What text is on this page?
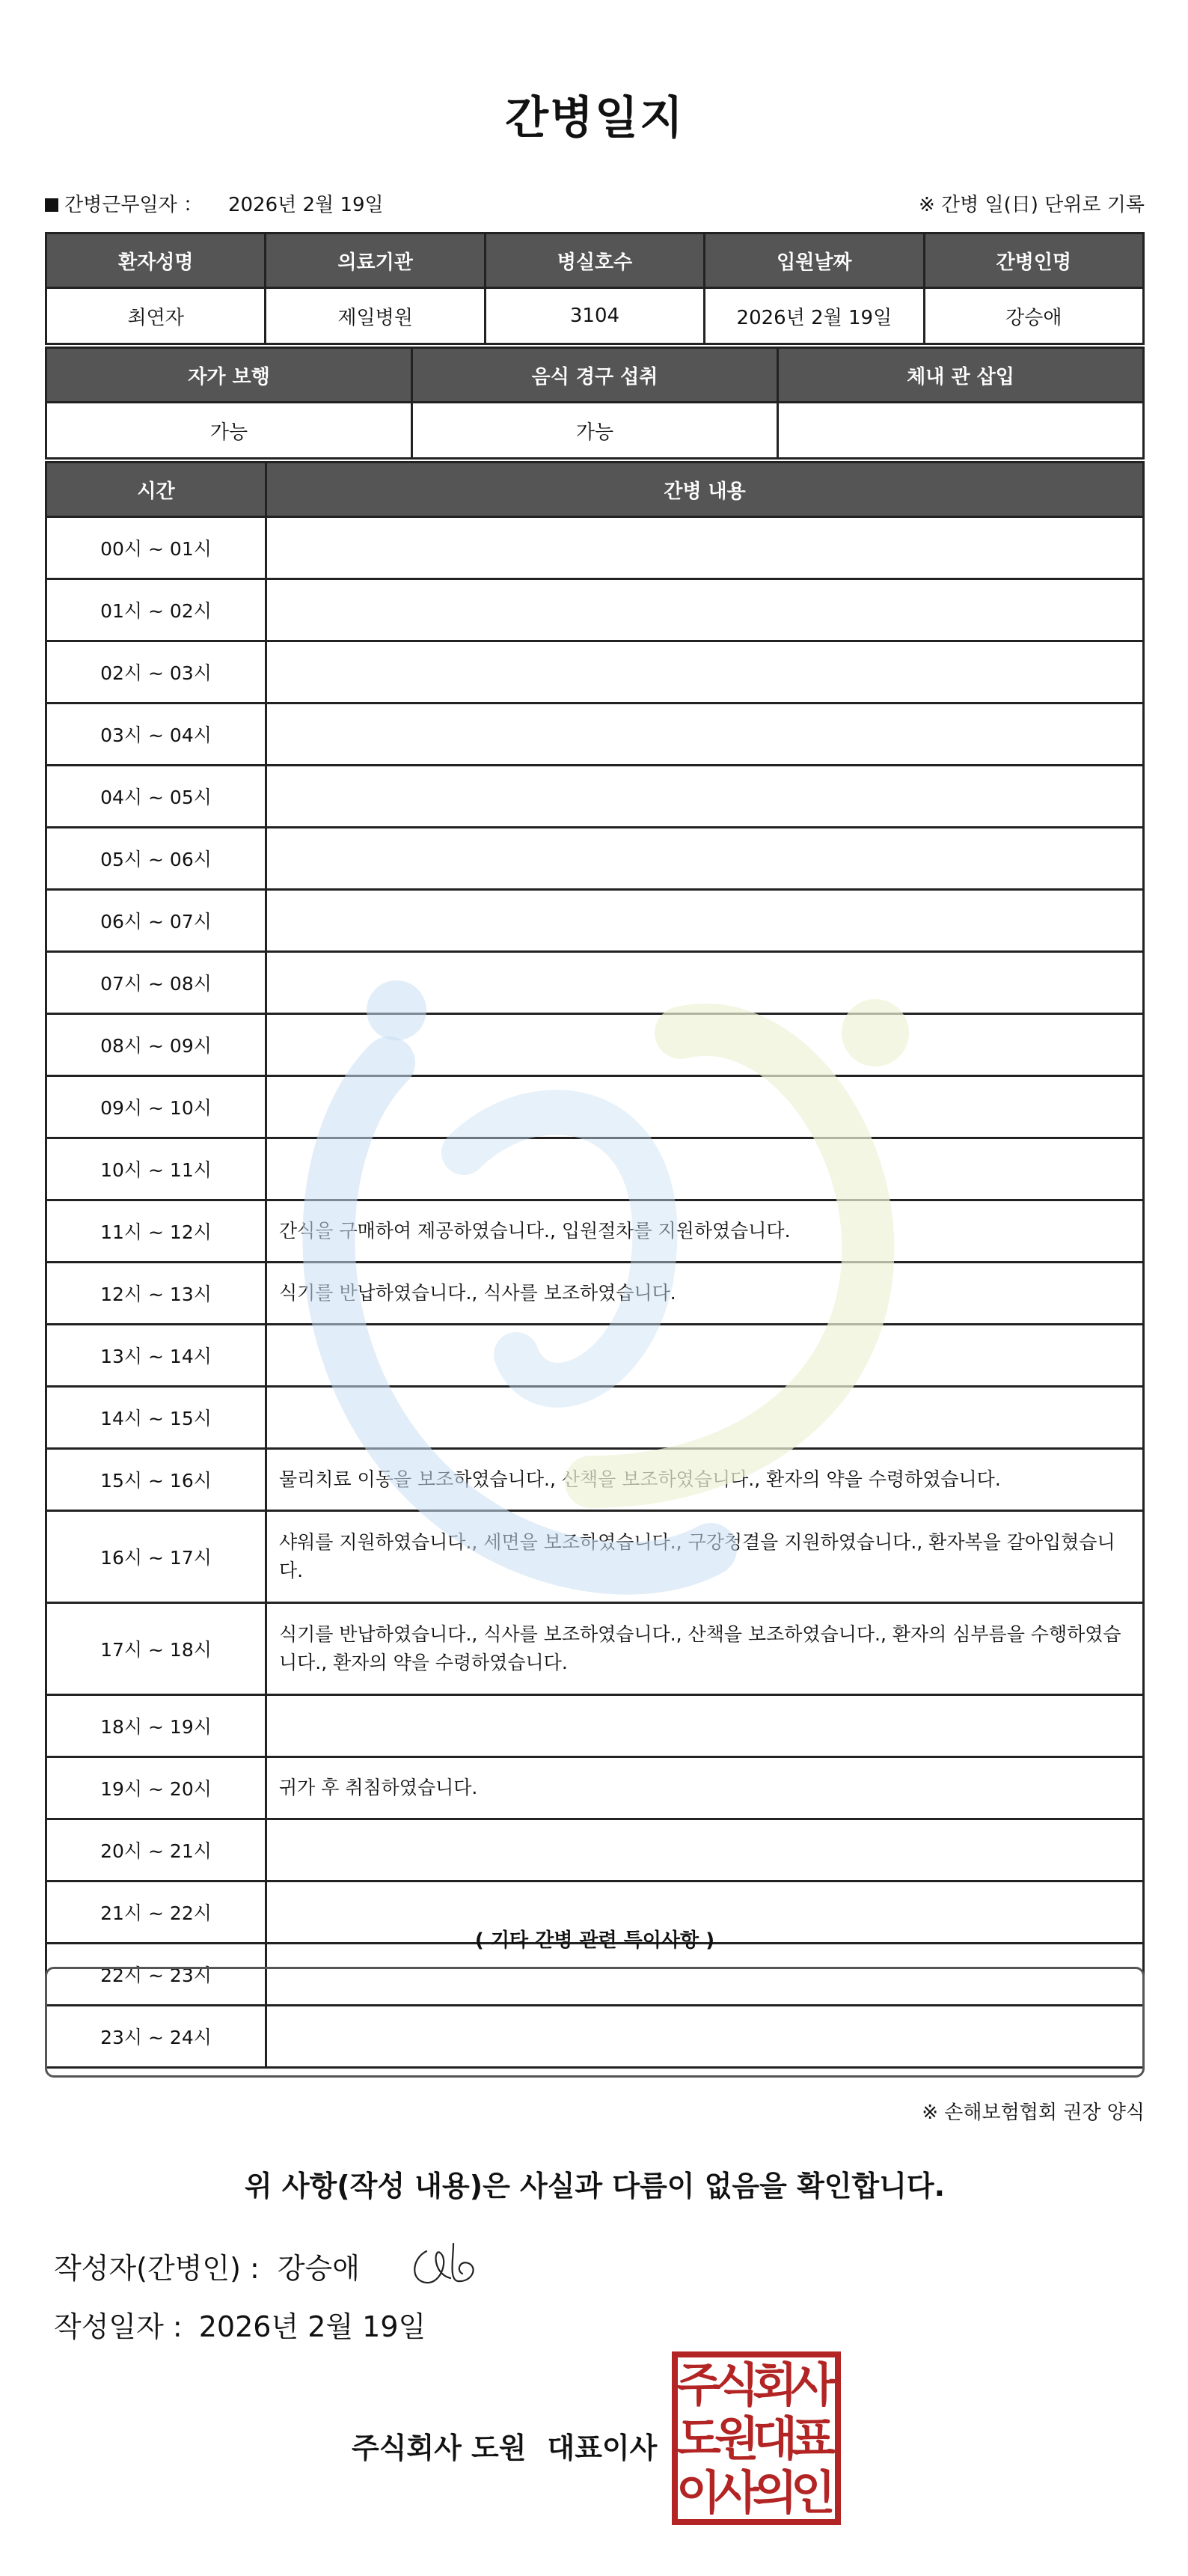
간병일지
간병근무일자 ： 2026년 2월 19일	※ 간병 일(日) 단위로 기록
환자성명	의료기관	병실호수	입원날짜	간병인명
최연자	제일병원	3104	2026년 2월 19일	강승애
자가 보행	음식 경구 섭취	체내 관 삽입
가능	가능	
시간	간병 내용
00시 ~ 01시	
01시 ~ 02시	
02시 ~ 03시	
03시 ~ 04시	
04시 ~ 05시	
05시 ~ 06시	
06시 ~ 07시	
07시 ~ 08시	
08시 ~ 09시	
09시 ~ 10시	
10시 ~ 11시	
11시 ~ 12시	간식을 구매하여 제공하였습니다., 입원절차를 지원하였습니다.
12시 ~ 13시	식기를 반납하였습니다., 식사를 보조하였습니다.
13시 ~ 14시	
14시 ~ 15시	
15시 ~ 16시	물리치료 이동을 보조하였습니다., 산책을 보조하였습니다., 환자의 약을 수령하였습니다.
16시 ~ 17시	샤워를 지원하였습니다., 세면을 보조하였습니다., 구강청결을 지원하였습니다., 환자복을 갈아입혔습니다.
17시 ~ 18시	식기를 반납하였습니다., 식사를 보조하였습니다., 산책을 보조하였습니다., 환자의 심부름을 수행하였습니다., 환자의 약을 수령하였습니다.
18시 ~ 19시	
19시 ~ 20시	귀가 후 취침하였습니다.
20시 ~ 21시	
21시 ~ 22시	
22시 ~ 23시	
23시 ~ 24시	
( 기타 간병 관련 특이사항 )
※ 손해보험협회 권장 양식
위 사항(작성 내용)은 사실과 다름이 없음을 확인합니다.
작성자(간병인) : 강승애
작성일자 : 2026년 2월 19일
주식회사 도원 대표이사
주
식
회
사
도
원
대
표
이
사
의
인
